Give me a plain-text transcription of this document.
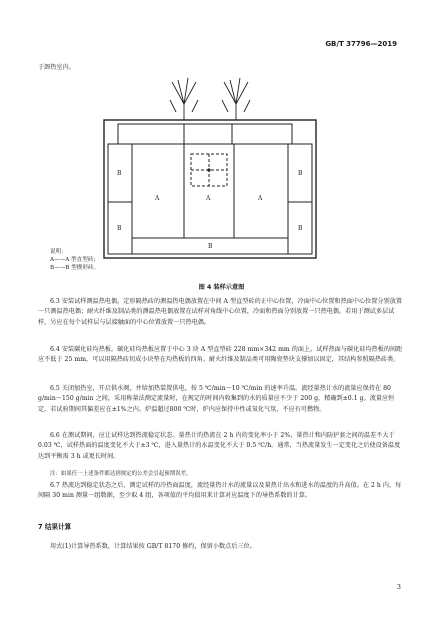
GB/T 37796—2019

于卸热室内。

A	A	A
B	B
B	B
B
说明：
A——A 型直型砖；
B——B 型楔形砖。
图 4 装样示意图

6.3 安装试样测温热电偶。定形隔热砖的测温热电偶放置在中间 A 型直型砖的正中心位置，冷面中心位置和热面中心位置分别放置一只测温热电偶；耐火纤维及制品类的测温热电偶放置在试样对角线中心位置，冷面和热面分别放置一只热电偶。若用于测试多层试样，另应在每个试样层与层接触面的中心位置放置一只热电偶。

6.4 安装碳化硅均热板。碳化硅均热板应置于中心 3 块 A 型直型砖 228 mm×342 mm 的面上，试样热面与碳化硅均热板的间距应不低于 25 mm，可以用隔热砖切成小块垫在均热板的四角。耐火纤维及制品类可用陶瓷垫块支撑加以固定，其结构参照隔热砖类。

6.5 关闭加热室，开启供水阀，并给加热装置供电，按 5 ℃/min～10 ℃/min 的速率升温。流经量热计水的流量应保持在 80 g/min～150 g/min 之间，采用称量法测定流量时，在规定的时间内收集到的水的质量应不少于 200 g，精确到±0.1 g。流量应恒定，若试验期间其偏差应在±1%之内。炉温超过800 ℃时，炉内应保持中性或氧化气氛，不应有可燃物。

6.6 在测试期间，应让试样达到热流稳定状态。量热计的热流在 2 h 内的变化率小于 2%，量热计和内防护套之间的温差不大于 0.03 ℃，试样热面的温度变化不大于±3 ℃，进入量热计的水温变化不大于 0.5 ℃/h。通常，当热流量发生一定变化之后使设备温度达到平衡需 3 h 或更长时间。

注：如果任一上述条件都达到规定的公差会引起预期误差。

6.7 热流达到稳定状态之后，测定试样的冷热面温度，流经量热计水的流量以及量热计出水和进水的温度的升高值。在 2 h 内，每间隔 30 min 测量一组数据，至少取 4 组，各项值的平均值用来计算对应温度下的导热系数的计算。

7 结果计算

用式(1)计算导热系数，计算结果按 GB/T 8170 修约，保留小数点后三位。

3
